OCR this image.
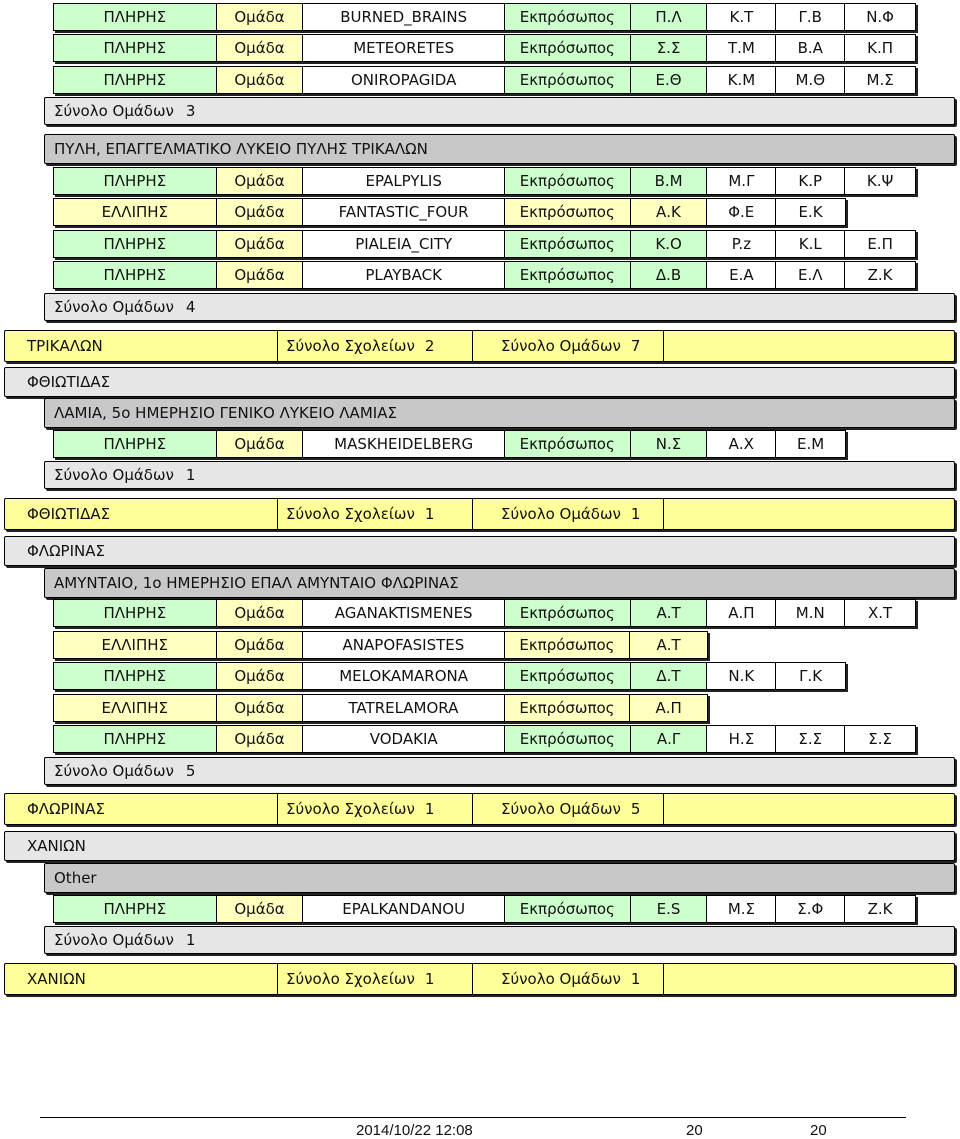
ΠΛΗΡΗΣ	Ομάδα	BURNED_BRAINS	Εκπρόσωπος	Π.Λ	Κ.Τ	Γ.Β	Ν.Φ
ΠΛΗΡΗΣ	Ομάδα	METEORETES	Εκπρόσωπος	Σ.Σ	Τ.Μ	Β.Α	Κ.Π
ΠΛΗΡΗΣ	Ομάδα	ONIROPAGIDA	Εκπρόσωπος	Ε.Θ	Κ.Μ	Μ.Θ	Μ.Σ
Σύνολο Ομάδων 3
ΠΥΛΗ, ΕΠΑΓΓΕΛΜΑΤΙΚΟ ΛΥΚΕΙΟ ΠΥΛΗΣ ΤΡΙΚΑΛΩΝ
ΠΛΗΡΗΣ	Ομάδα	EPALPYLIS	Εκπρόσωπος	Β.Μ	Μ.Γ	Κ.Ρ	Κ.Ψ
ΕΛΛΙΠΗΣ	Ομάδα	FANTASTIC_FOUR	Εκπρόσωπος	Α.Κ	Φ.Ε	Ε.Κ
ΠΛΗΡΗΣ	Ομάδα	PIALEIA_CITY	Εκπρόσωπος	Κ.Ο	P.z	K.L	Ε.Π
ΠΛΗΡΗΣ	Ομάδα	PLAYBACK	Εκπρόσωπος	Δ.Β	Ε.Α	Ε.Λ	Ζ.Κ
Σύνολο Ομάδων 4
ΤΡΙΚΑΛΩΝ	Σύνολο Σχολείων 2	Σύνολο Ομάδων 7
ΦΘΙΩΤΙΔΑΣ
ΛΑΜΙΑ, 5ο ΗΜΕΡΗΣΙΟ ΓΕΝΙΚΟ ΛΥΚΕΙΟ ΛΑΜΙΑΣ
ΠΛΗΡΗΣ	Ομάδα	MASKHEIDELBERG	Εκπρόσωπος	Ν.Σ	Α.Χ	Ε.Μ
Σύνολο Ομάδων 1
ΦΘΙΩΤΙΔΑΣ	Σύνολο Σχολείων 1	Σύνολο Ομάδων 1
ΦΛΩΡΙΝΑΣ
ΑΜΥΝΤΑΙΟ, 1ο ΗΜΕΡΗΣΙΟ ΕΠΑΛ ΑΜΥΝΤΑΙΟ ΦΛΩΡΙΝΑΣ
ΠΛΗΡΗΣ	Ομάδα	AGANAKTISMENES	Εκπρόσωπος	Α.Τ	Α.Π	Μ.Ν	Χ.Τ
ΕΛΛΙΠΗΣ	Ομάδα	ANAPOFASISTES	Εκπρόσωπος	Α.Τ
ΠΛΗΡΗΣ	Ομάδα	MELOKAMARONA	Εκπρόσωπος	Δ.Τ	Ν.Κ	Γ.Κ
ΕΛΛΙΠΗΣ	Ομάδα	TATRELAMORA	Εκπρόσωπος	Α.Π
ΠΛΗΡΗΣ	Ομάδα	VODAKIA	Εκπρόσωπος	Α.Γ	Η.Σ	Σ.Σ	Σ.Σ
Σύνολο Ομάδων 5
ΦΛΩΡΙΝΑΣ	Σύνολο Σχολείων 1	Σύνολο Ομάδων 5
ΧΑΝΙΩΝ
Other
ΠΛΗΡΗΣ	Ομάδα	EPALKANDANOU	Εκπρόσωπος	E.S	Μ.Σ	Σ.Φ	Ζ.Κ
Σύνολο Ομάδων 1
ΧΑΝΙΩΝ	Σύνολο Σχολείων 1	Σύνολο Ομάδων 1
2014/10/22 12:08	20	20
